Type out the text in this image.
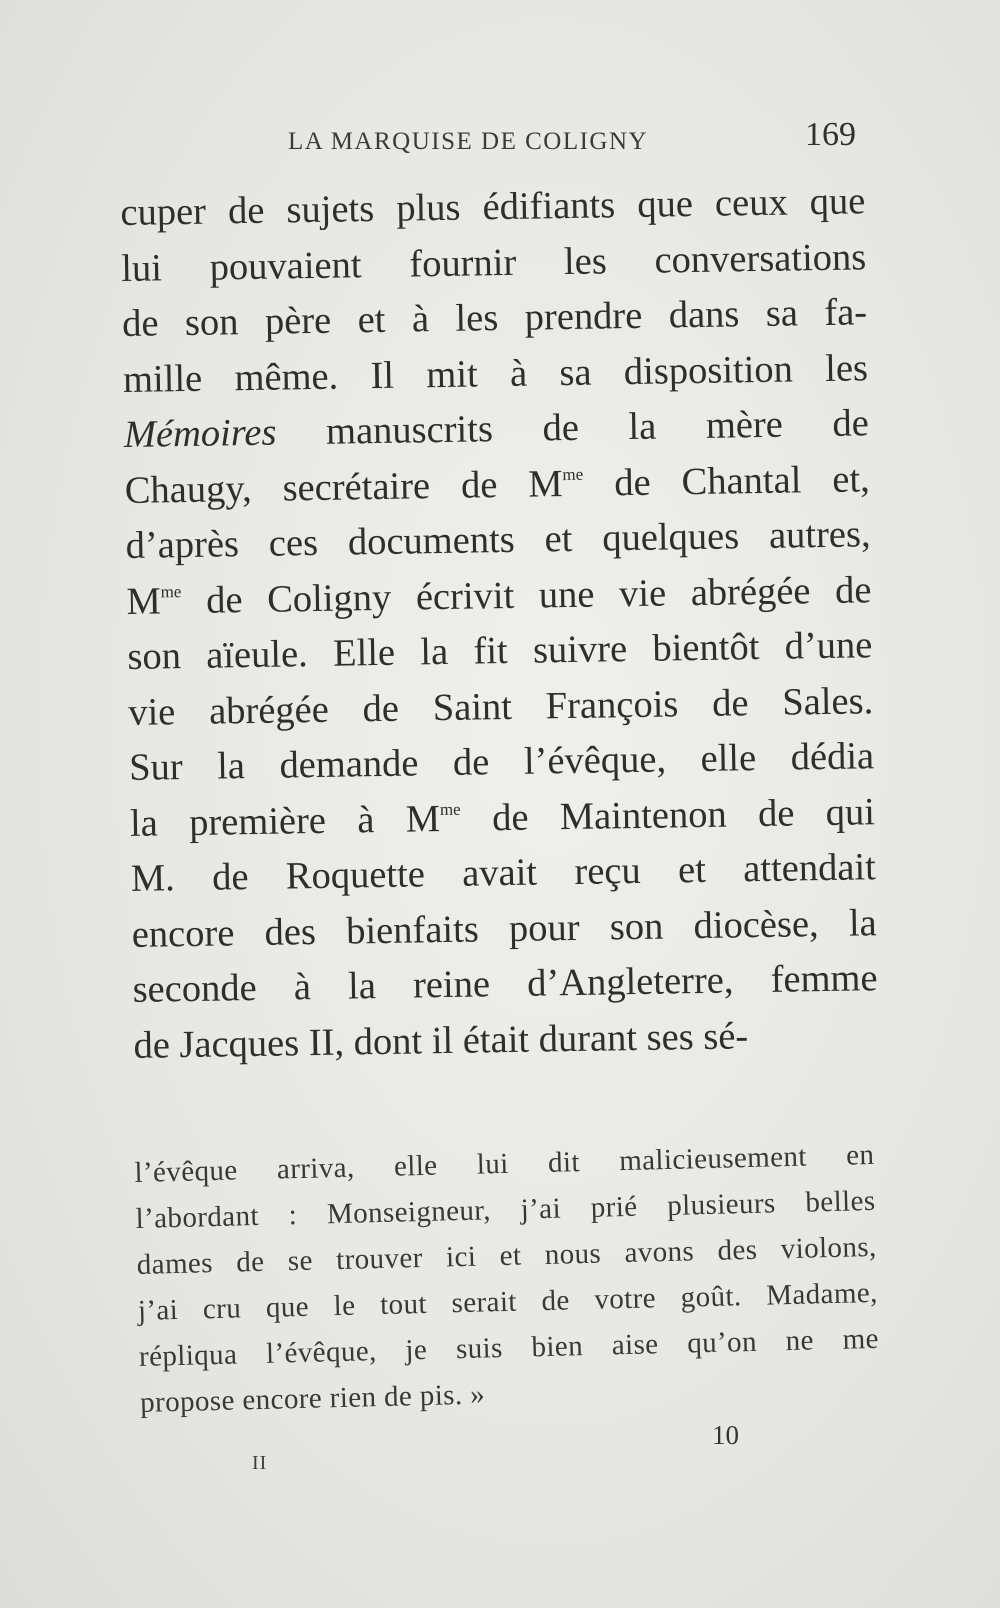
LA MARQUISE DE COLIGNY	169
cuper de sujets plus édifiants que ceux que
lui pouvaient fournir les conversations
de son père et à les prendre dans sa fa-
mille même. Il mit à sa disposition les
Mémoires manuscrits de la mère de
Chaugy, secrétaire de $M^{me}$ de Chantal et,
d’après ces documents et quelques autres,
$M^{me}$ de Coligny écrivit une vie abrégée de
son aïeule. Elle la fit suivre bientôt d’une
vie abrégée de Saint François de Sales.
Sur la demande de l’évêque, elle dédia
la première à $M^{me}$ de Maintenon de qui
M. de Roquette avait reçu et attendait
encore des bienfaits pour son diocèse, la
seconde à la reine d’Angleterre, femme
de Jacques II, dont il était durant ses sé-
l’évêque arriva, elle lui dit malicieusement en
l’abordant : Monseigneur, j’ai prié plusieurs belles
dames de se trouver ici et nous avons des violons,
j’ai cru que le tout serait de votre goût. Madame,
répliqua l’évêque, je suis bien aise qu’on ne me
propose encore rien de pis. »
II
10
